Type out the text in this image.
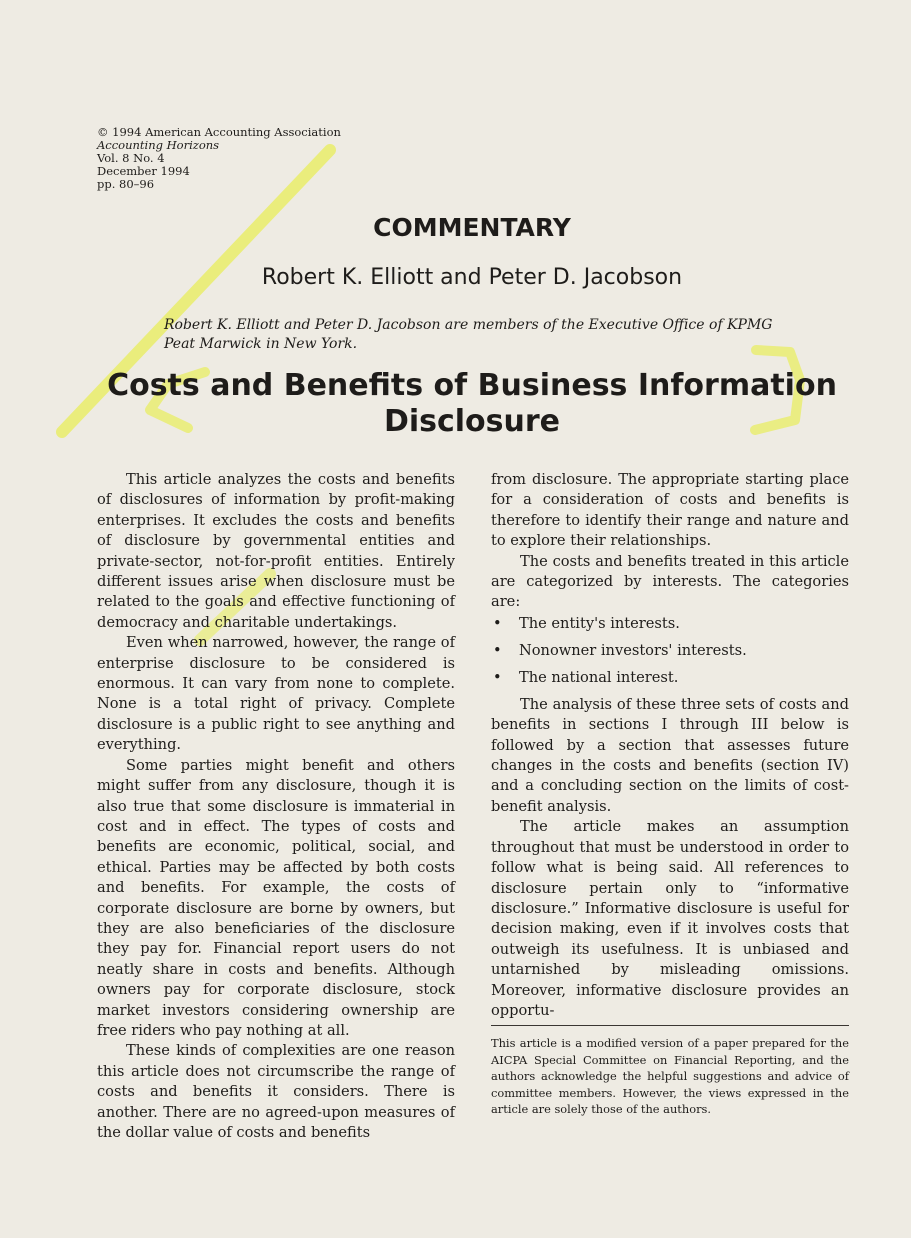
© 1994 American Accounting Association
Accounting Horizons
Vol. 8 No. 4
December 1994
pp. 80–96
COMMENTARY
Robert K. Elliott and Peter D. Jacobson
Robert K. Elliott and Peter D. Jacobson are members of the Executive Office of KPMG Peat Marwick in New York.
Costs and Benefits of Business Information
Disclosure

This article analyzes the costs and benefits of disclosures of information by profit-making enterprises. It excludes the costs and benefits of disclosure by governmental entities and private-sector, not-for-profit entities. Entirely different issues arise when disclosure must be related to the goals and effective functioning of democracy and charitable undertakings.

Even when narrowed, however, the range of enterprise disclosure to be considered is enormous. It can vary from none to complete. None is a total right of privacy. Complete disclosure is a public right to see anything and everything.

Some parties might benefit and others might suffer from any disclosure, though it is also true that some disclosure is immaterial in cost and in effect. The types of costs and benefits are economic, political, social, and ethical. Parties may be affected by both costs and benefits. For example, the costs of corporate disclosure are borne by owners, but they are also beneficiaries of the disclosure they pay for. Financial report users do not neatly share in costs and benefits. Although owners pay for corporate disclosure, stock market investors considering ownership are free riders who pay nothing at all.

These kinds of complexities are one reason this article does not circumscribe the range of costs and benefits it considers. There is another. There are no agreed-upon measures of the dollar value of costs and benefits

from disclosure. The appropriate starting place for a consideration of costs and benefits is therefore to identify their range and nature and to explore their relationships.

The costs and benefits treated in this article are categorized by interests. The categories are:

• The entity's interests.
• Nonowner investors' interests.
• The national interest.

The analysis of these three sets of costs and benefits in sections I through III below is followed by a section that assesses future changes in the costs and benefits (section IV) and a concluding section on the limits of cost-benefit analysis.

The article makes an assumption throughout that must be understood in order to follow what is being said. All references to disclosure pertain only to “informative disclosure.” Informative disclosure is useful for decision making, even if it involves costs that outweigh its usefulness. It is unbiased and untarnished by misleading omissions. Moreover, informative disclosure provides an opportu-

This article is a modified version of a paper prepared for the AICPA Special Committee on Financial Reporting, and the authors acknowledge the helpful suggestions and advice of committee members. However, the views expressed in the article are solely those of the authors.
